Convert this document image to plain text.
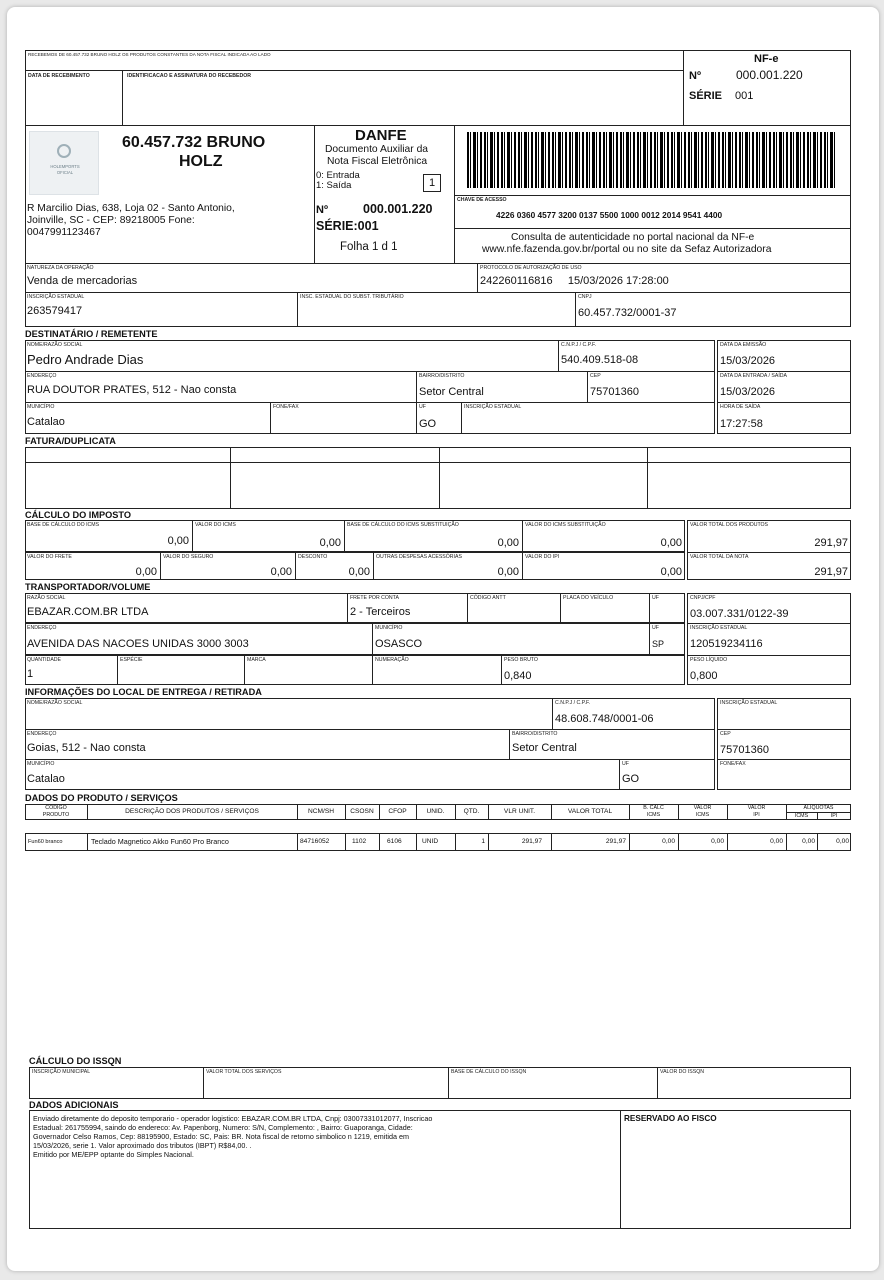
RECEBEMOS DE 60.457.732 BRUNO HOLZ OS PRODUTOS CONSTANTES DA NOTA FISCAL INDICADA AO LADO
DATA DE RECEBIMENTO	IDENTIFICACAO E ASSINATURA DO RECEBEDOR
NF-e
Nº	000.001.220
SÉRIE 001
HOLEMPORTS
OFICIAL
60.457.732 BRUNO
HOLZ
R Marcilio Dias, 638, Loja 02 - Santo Antonio,
Joinville, SC - CEP: 89218005 Fone:
0047991123467
DANFE
Documento Auxiliar da
Nota Fiscal Eletrônica
0: Entrada
1: Saída	1
Nº	000.001.220
SÉRIE:001
Folha 1 d 1
CHAVE DE ACESSO
4226 0360 4577 3200 0137 5500 1000 0012 2014 9541 4400
Consulta de autenticidade no portal nacional da NF-e
www.nfe.fazenda.gov.br/portal ou no site da Sefaz Autorizadora
NATUREZA DA OPERAÇÃO
Venda de mercadorias
PROTOCOLO DE AUTORIZAÇÃO DE USO
242260116816     15/03/2026 17:28:00
INSCRIÇÃO ESTADUAL
263579417
INSC. ESTADUAL DO SUBST. TRIBUTÁRIO	CNPJ
60.457.732/0001-37
DESTINATÁRIO / REMETENTE
NOME/RAZÃO SOCIAL
Pedro Andrade Dias
C.N.P.J / C.P.F.
540.409.518-08
DATA DA EMISSÃO
15/03/2026
ENDEREÇO
RUA DOUTOR PRATES, 512 - Nao consta
BAIRRO/DISTRITO
Setor Central
CEP
75701360
DATA DA ENTRADA / SAÍDA
15/03/2026
MUNICÍPIO
Catalao
FONE/FAX	UF
GO
INSCRIÇÃO ESTADUAL	HORA DE SAÍDA
17:27:58
FATURA/DUPLICATA
CÁLCULO DO IMPOSTO
BASE DE CÁLCULO DO ICMS
0,00
VALOR DO ICMS
0,00
BASE DE CÁLCULO DO ICMS SUBSTITUIÇÃO
0,00
VALOR DO ICMS SUBSTITUIÇÃO
0,00
VALOR TOTAL DOS PRODUTOS
291,97
VALOR DO FRETE
0,00
VALOR DO SEGURO
0,00
DESCONTO
0,00
OUTRAS DESPESAS ACESSÓRIAS
0,00
VALOR DO IPI
0,00
VALOR TOTAL DA NOTA
291,97
TRANSPORTADOR/VOLUME
RAZÃO SOCIAL
EBAZAR.COM.BR LTDA
FRETE POR CONTA
2 - Terceiros
CÓDIGO ANTT	PLACA DO VEÍCULO	UF	CNPJ/CPF
03.007.331/0122-39
ENDEREÇO
AVENIDA DAS NACOES UNIDAS 3000 3003
MUNICÍPIO
OSASCO
UF
SP
INSCRIÇÃO ESTADUAL
120519234116
QUANTIDADE
1
ESPÉCIE	MARCA	NUMERAÇÃO	PESO BRUTO
0,840
PESO LÍQUIDO
0,800
INFORMAÇÕES DO LOCAL DE ENTREGA / RETIRADA
NOME/RAZÃO SOCIAL	C.N.P.J / C.P.F.
48.608.748/0001-06
INSCRIÇÃO ESTADUAL
ENDEREÇO
Goias, 512 - Nao consta
BAIRRO/DISTRITO
Setor Central
CEP
75701360
MUNICÍPIO
Catalao
UF
GO
FONE/FAX
DADOS DO PRODUTO / SERVIÇOS
CÓDIGO
PRODUTO	DESCRIÇÃO DOS PRODUTOS / SERVIÇOS	NCM/SH	CSOSN	CFOP	UNID.	QTD.	VLR UNIT.	VALOR TOTAL	B. CALC
ICMS
VALOR
ICMS
VALOR
IPI
ALÍQUOTAS
ICMS	IPI
Fun60 branco	Teclado Magnetico Akko Fun60 Pro Branco	84716052	1102	6106	UNID	1	291,97	291,97	0,00	0,00	0,00	0,00	0,00
CÁLCULO DO ISSQN
INSCRIÇÃO MUNICIPAL	VALOR TOTAL DOS SERVIÇOS	BASE DE CÁLCULO DO ISSQN	VALOR DO ISSQN
DADOS ADICIONAIS
Enviado diretamente do deposito temporario - operador logistico: EBAZAR.COM.BR LTDA, Cnpj: 03007331012077, Inscricao
Estadual: 261755994, saindo do endereco: Av. Papenborg, Numero: S/N, Complemento: , Bairro: Guaporanga, Cidade:
Governador Celso Ramos, Cep: 88195900, Estado: SC, Pais: BR. Nota fiscal de retorno simbolico n 1219, emitida em
15/03/2026, serie 1. Valor aproximado dos tributos (IBPT) R$84,00. .
Emitido por ME/EPP optante do Simples Nacional.
RESERVADO AO FISCO
